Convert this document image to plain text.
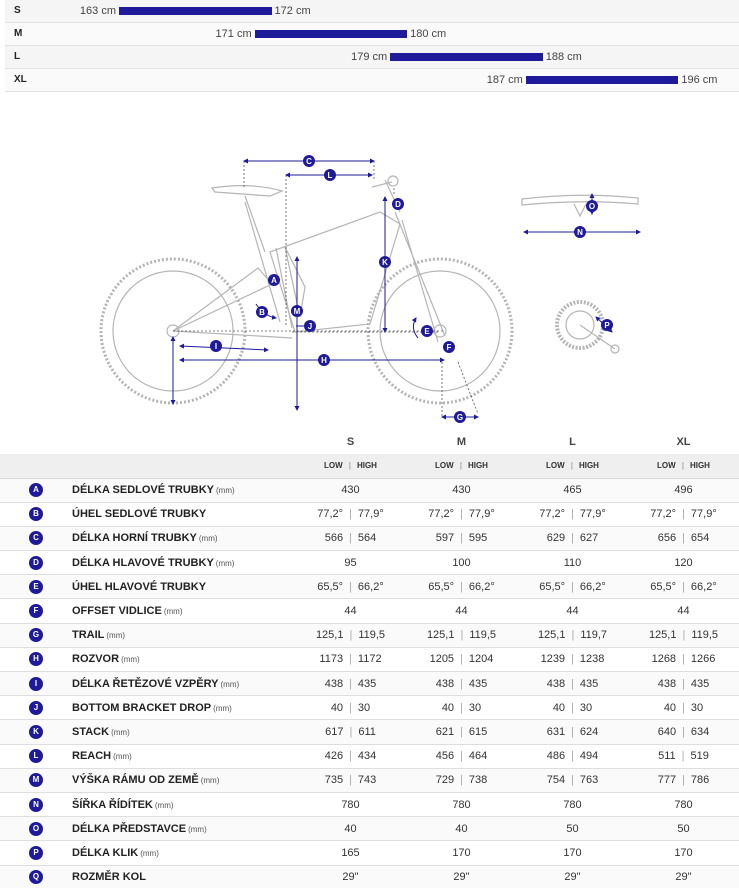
S	163 cm	172 cm
M	171 cm	180 cm
L	179 cm	188 cm
XL	187 cm	196 cm
A
B
C
D
E
F
G
H
I
J
K
L
M
N
O
P
		S	M	L	XL
		LOW | HIGH	LOW | HIGH	LOW | HIGH	LOW | HIGH

A	DÉLKA SEDLOVÉ TRUBKY (mm)	430	430	465	496

B	ÚHEL SEDLOVÉ TRUBKY	77,2° | 77,9°	77,2° | 77,9°	77,2° | 77,9°	77,2° | 77,9°

C	DÉLKA HORNÍ TRUBKY (mm)	566 | 564	597 | 595	629 | 627	656 | 654

D	DÉLKA HLAVOVÉ TRUBKY (mm)	95	100	110	120

E	ÚHEL HLAVOVÉ TRUBKY	65,5° | 66,2°	65,5° | 66,2°	65,5° | 66,2°	65,5° | 66,2°

F	OFFSET VIDLICE (mm)	44	44	44	44

G	TRAIL (mm)	125,1 | 119,5	125,1 | 119,5	125,1 | 119,7	125,1 | 119,5

H	ROZVOR (mm)	1173 | 1172	1205 | 1204	1239 | 1238	1268 | 1266

I	DÉLKA ŘETĚZOVÉ VZPĚRY (mm)	438 | 435	438 | 435	438 | 435	438 | 435

J	BOTTOM BRACKET DROP (mm)	40 | 30	40 | 30	40 | 30	40 | 30

K	STACK (mm)	617 | 611	621 | 615	631 | 624	640 | 634

L	REACH (mm)	426 | 434	456 | 464	486 | 494	511 | 519

M	VÝŠKA RÁMU OD ZEMĚ (mm)	735 | 743	729 | 738	754 | 763	777 | 786

N	ŠÍŘKA ŘÍDÍTEK (mm)	780	780	780	780

O	DÉLKA PŘEDSTAVCE (mm)	40	40	50	50

P	DÉLKA KLIK (mm)	165	170	170	170

Q	ROZMĚR KOL	29"	29"	29"	29"
